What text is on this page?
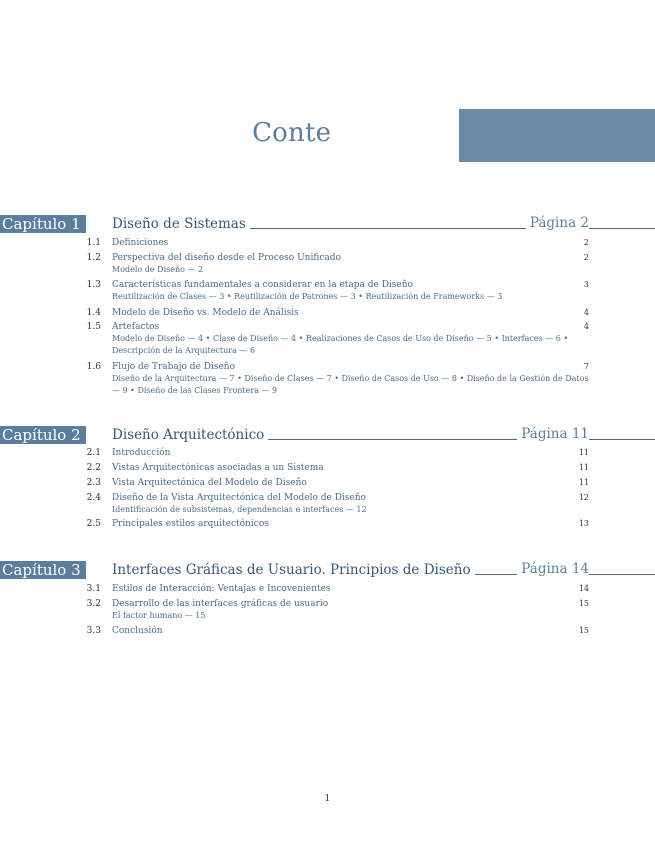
Contenidos
Capítulo 1	Diseño de Sistemas	Página 2
1.1 Definiciones	2
1.2 Perspectiva del diseño desde el Proceso Unificado	2
Modelo de Diseño — 2
1.3 Características fundamentales a considerar en la etapa de Diseño	3
Reutilización de Clases — 3 • Reutilización de Patrones — 3 • Reutilización de Frameworks — 3
1.4 Modelo de Diseño vs. Modelo de Análisis	4
1.5 Artefactos	4
Modelo de Diseño — 4 • Clase de Diseño — 4 • Realizaciones de Casos de Uso de Diseño — 5 • Interfaces — 6 • Descripción de la Arquitectura — 6
1.6 Flujo de Trabajo de Diseño	7
Diseño de la Arquitectura — 7 • Diseño de Clases — 7 • Diseño de Casos de Uso — 8 • Diseño de la Gestión de Datos — 9 • Diseño de las Clases Frontera — 9
Capítulo 2	Diseño Arquitectónico	Página 11
2.1 Introducción	11
2.2 Vistas Arquitectónicas asociadas a un Sistema	11
2.3 Vista Arquitectónica del Modelo de Diseño	11
2.4 Diseño de la Vista Arquitectónica del Modelo de Diseño	12
Identificación de subsistemas, dependencias e interfaces — 12
2.5 Principales estilos arquitectónicos	13
Capítulo 3	Interfaces Gráficas de Usuario. Principios de Diseño	Página 14
3.1 Estilos de Interacción: Ventajas e Incovenientes	14
3.2 Desarrollo de las interfaces gráficas de usuario	15
El factor humano — 15
3.3 Conclusión	15
1
